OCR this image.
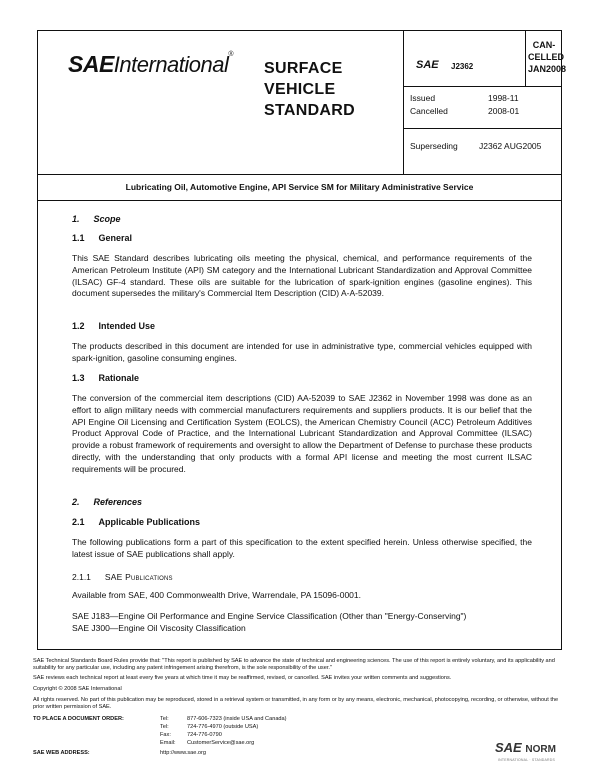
SAEInternational®
SURFACE
VEHICLE
STANDARD
SAE J2362
CAN-
CELLED
JAN2008
Issued	1998-11
Cancelled	2008-01
Superseding	J2362 AUG2005
Lubricating Oil, Automotive Engine, API Service SM for Military Administrative Service
1. Scope
1.1 General
This SAE Standard describes lubricating oils meeting the physical, chemical, and performance requirements of the American Petroleum Institute (API) SM category and the International Lubricant Standardization and Approval Committee (ILSAC) GF-4 standard. These oils are suitable for the lubrication of spark-ignition engines (gasoline engines). This document supersedes the military's Commercial Item Description (CID) A-A-52039.
1.2 Intended Use
The products described in this document are intended for use in administrative type, commercial vehicles equipped with spark-ignition, gasoline consuming engines.
1.3 Rationale
The conversion of the commercial item descriptions (CID) AA-52039 to SAE J2362 in November 1998 was done as an effort to align military needs with commercial manufacturers requirements and suppliers products. It is our belief that the API Engine Oil Licensing and Certification System (EOLCS), the American Chemistry Council (ACC) Petroleum Additives Product Approval Code of Practice, and the International Lubricant Standardization and Approval Committee (ILSAC) provide a robust framework of requirements and oversight to allow the Department of Defense to purchase these products directly, with the understanding that only products with a formal API license and meeting the most current ILSAC requirements will be procured.
2. References
2.1 Applicable Publications
The following publications form a part of this specification to the extent specified herein. Unless otherwise specified, the latest issue of SAE publications shall apply.
2.1.1 SAE Publications
Available from SAE, 400 Commonwealth Drive, Warrendale, PA 15096-0001.
SAE J183—Engine Oil Performance and Engine Service Classification (Other than "Energy-Conserving")
SAE J300—Engine Oil Viscosity Classification
SAE Technical Standards Board Rules provide that: "This report is published by SAE to advance the state of technical and engineering sciences. The use of this report is entirely voluntary, and its applicability and suitability for any particular use, including any patent infringement arising therefrom, is the sole responsibility of the user."
SAE reviews each technical report at least every five years at which time it may be reaffirmed, revised, or cancelled. SAE invites your written comments and suggestions.
Copyright © 2008 SAE International
All rights reserved. No part of this publication may be reproduced, stored in a retrieval system or transmitted, in any form or by any means, electronic, mechanical, photocopying, recording, or otherwise, without the prior written permission of SAE.
TO PLACE A DOCUMENT ORDER:	Tel:	877-606-7323 (inside USA and Canada)
Tel:	724-776-4970 (outside USA)
Fax:	724-776-0790
Email: CustomerService@sae.org
SAE WEB ADDRESS:	http://www.sae.org	SAE NORM
INTERNATIONAL · STANDARDS
